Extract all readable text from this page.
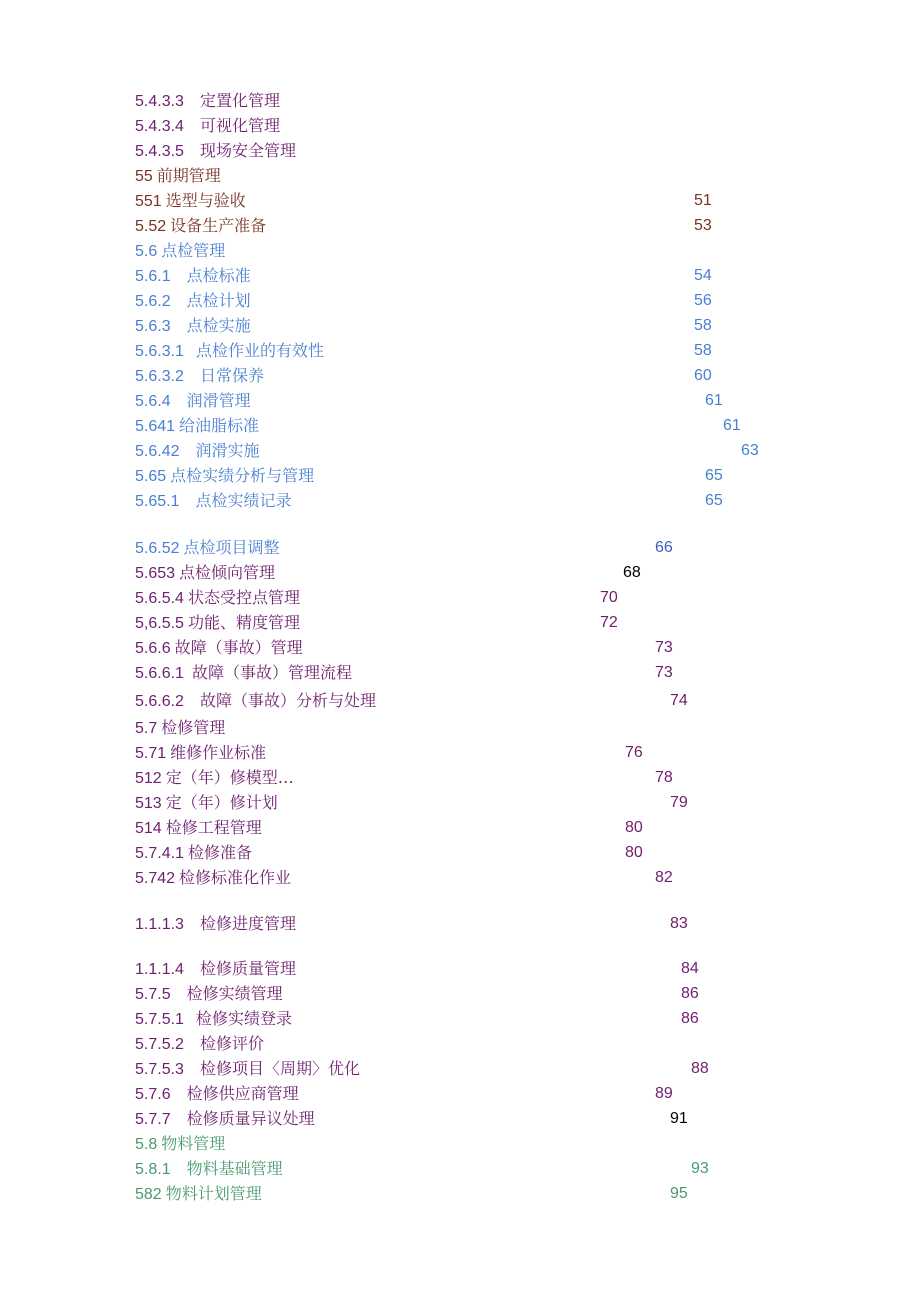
5.4.3.3 定置化管理
5.4.3.4 可视化管理
5.4.3.5 现场安全管理
55 前期管理
551 选型与验收	51
5.52 设备生产准备	53
5.6 点检管理
5.6.1 点检标准	54
5.6.2 点检计划	56
5.6.3 点检实施	58
5.6.3.1 点检作业的有效性	58
5.6.3.2 日常保养	60
5.6.4 润滑管理	61
5.641 给油脂标准	61
5.6.42 润滑实施	63
5.65 点检实绩分析与管理	65
5.65.1 点检实绩记录	65
5.6.52 点检项目调整	66
5.653 点检倾向管理	68
5.6.5.4 状态受控点管理	70
5,6.5.5 功能、精度管理	72
5.6.6 故障（事故）管理	73
5.6.6.1 故障（事故）管理流程	73
5.6.6.2 故障（事故）分析与处理	74
5.7 检修管理
5.71 维修作业标准	76
512 定（年）修模型…	78
513 定（年）修计划	79
514 检修工程管理	80
5.7.4.1 检修准备	80
5.742 检修标准化作业	82
1.1.1.3 检修进度管理	83
1.1.1.4 检修质量管理	84
5.7.5 检修实绩管理	86
5.7.5.1 检修实绩登录	86
5.7.5.2 检修评价
5.7.5.3 检修项目〈周期〉优化	88
5.7.6 检修供应商管理	89
5.7.7 检修质量异议处理	91
5.8 物料管理
5.8.1 物料基础管理	93
582 物料计划管理	95
